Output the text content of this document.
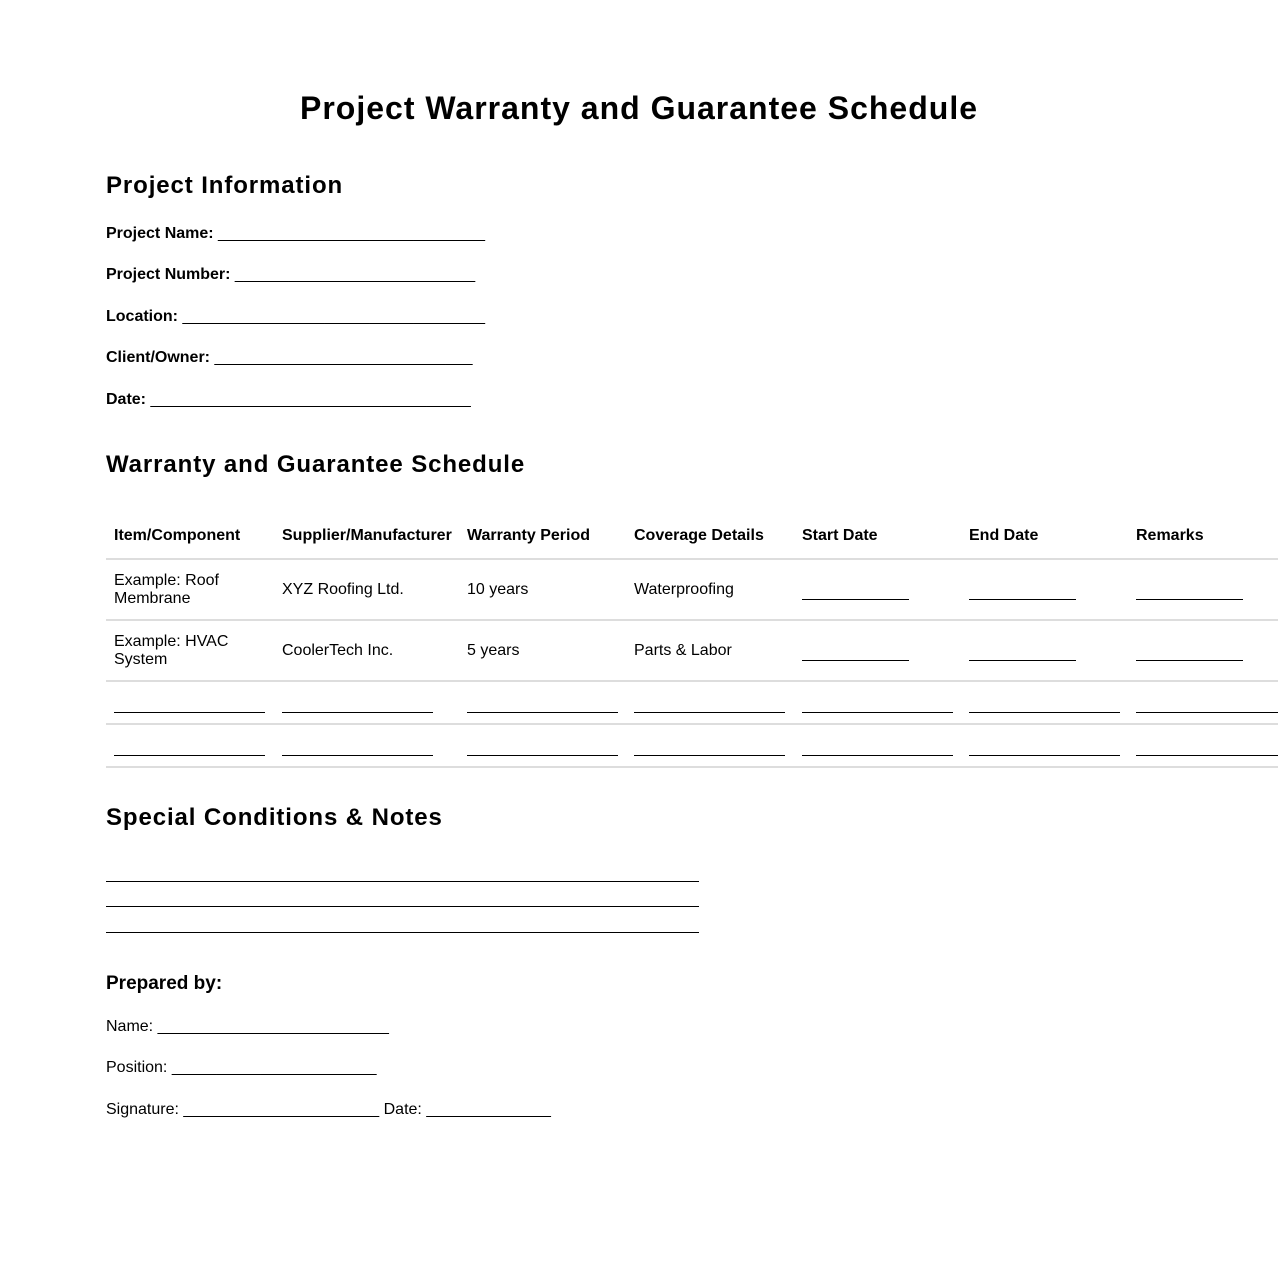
Project Warranty and Guarantee Schedule
Project Information
Project Name: ______________________________
Project Number: ___________________________
Location: __________________________________
Client/Owner: _____________________________
Date: ____________________________________
Warranty and Guarantee Schedule
Item/Component	Supplier/Manufacturer	Warranty Period	Coverage Details	Start Date	End Date	Remarks
Example: Roof Membrane	XYZ Roofing Ltd.	10 years	Waterproofing			
Example: HVAC System	CoolerTech Inc.	5 years	Parts & Labor			

Special Conditions & Notes
Prepared by:
Name: __________________________
Position: _______________________
Signature: ______________________ Date: ______________
